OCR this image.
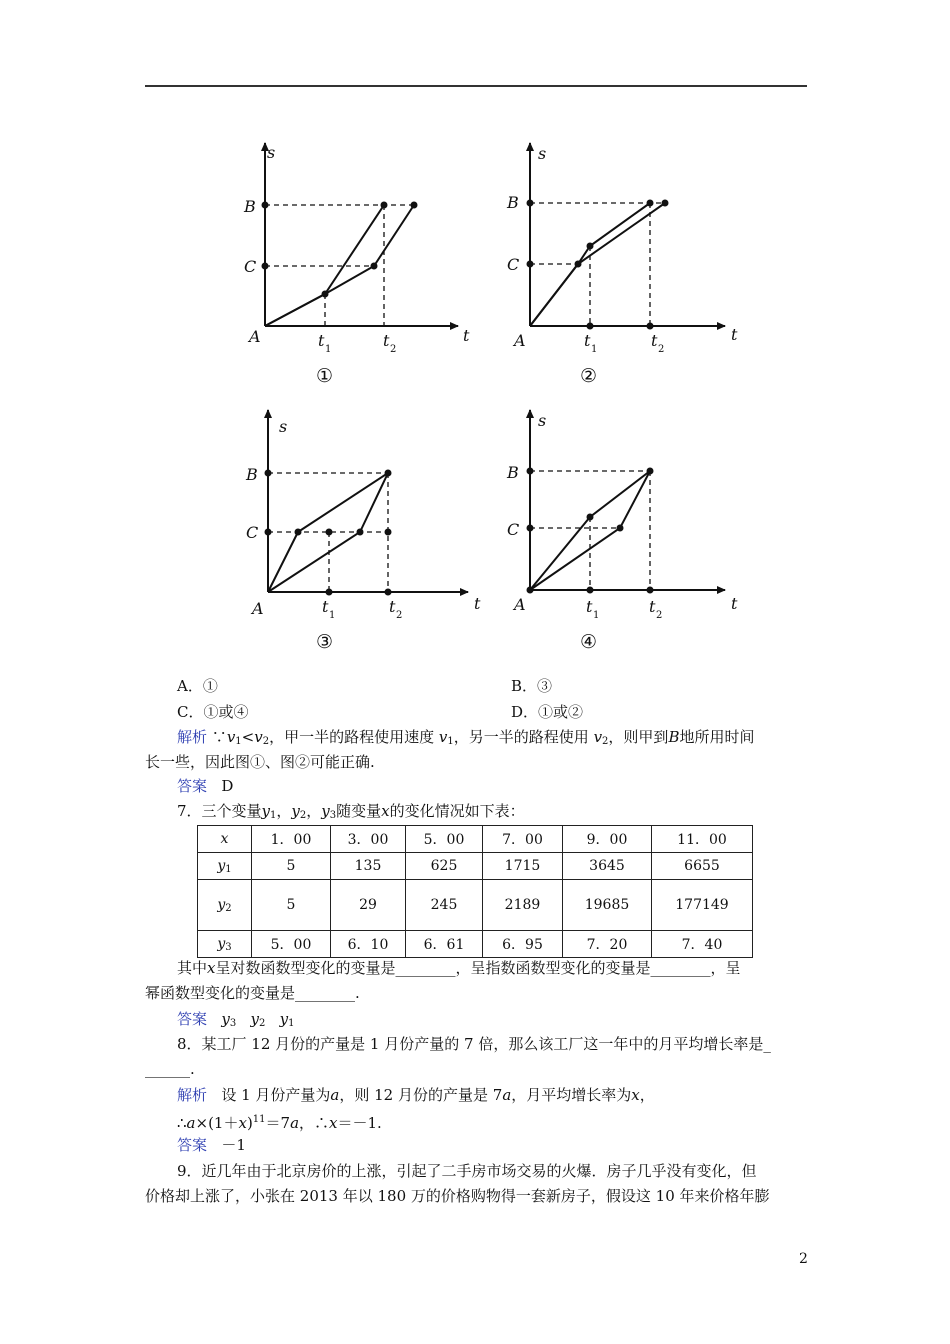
s
B
C
A	t
t 1	t 2
①
s
B
C
A	t
t 1	t 2
②
s
B
C
A	t
t 1	t 2
③
s
B
C
A	t
t 1	t 2
④
A．①	B．③
C．①或④	D．①或②
解析 $\because v_1<v_2$，甲一半的路程使用速度 $v_1$，另一半的路程使用 $v_2$，则甲到B地所用时间
长一些，因此图①、图②可能正确.
答案 D
7．三个变量$y_1$，$y_2$，$y_3$随变量x的变化情况如下表：
x	1．00	3．00	5．00	7．00	9．00	11．00
$y_1$	5	135	625	1715	3645	6655
$y_2$	5	29	245	2189	19685	177149
$y_3$	5．00	6．10	6．61	6．95	7．20	7．40
其中x呈对数函数型变化的变量是________，呈指数函数型变化的变量是________，呈
幂函数型变化的变量是________.
答案 $y_3$ $y_2$ $y_1$
8．某工厂 12 月份的产量是 1 月份产量的 7 倍，那么该工厂这一年中的月平均增长率是_
______.
解析 设 1 月份产量为a，则 12 月份的产量是 7a，月平均增长率为x，
$\therefore a\times(1+x)^{11}=7a$，∴x＝－1.
答案 －1
9．近几年由于北京房价的上涨，引起了二手房市场交易的火爆．房子几乎没有变化，但
价格却上涨了，小张在 2013 年以 180 万的价格购物得一套新房子，假设这 10 年来价格年膨
2
